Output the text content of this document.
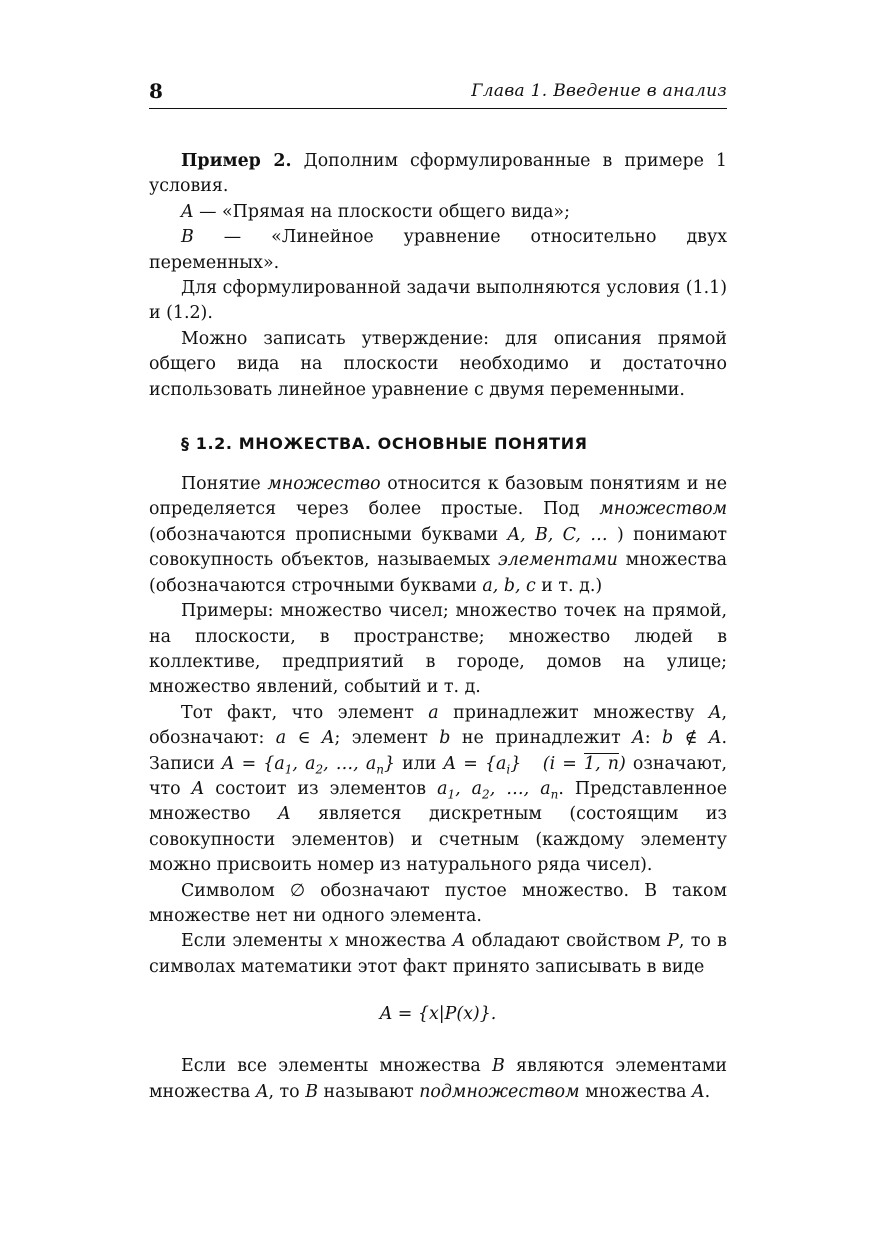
8	Глава 1. Введение в анализ

Пример 2. Дополним сформулированные в примере 1 условия.

A — «Прямая на плоскости общего вида»;

B — «Линейное уравнение относительно двух переменных».

Для сформулированной задачи выполняются условия (1.1) и (1.2).

Можно записать утверждение: для описания прямой общего вида на плоскости необходимо и достаточно использовать линейное уравнение с двумя переменными.

§ 1.2. МНОЖЕСТВА. ОСНОВНЫЕ ПОНЯТИЯ

Понятие множество относится к базовым понятиям и не определяется через более простые. Под множеством (обозначаются прописными буквами A, B, C, … ) понимают совокупность объектов, называемых элементами множества (обозначаются строчными буквами a, b, c и т. д.)

Примеры: множество чисел; множество точек на прямой, на плоскости, в пространстве; множество людей в коллективе, предприятий в городе, домов на улице; множество явлений, событий и т. д.

Тот факт, что элемент a принадлежит множеству A, обозначают: a ∈ A; элемент b не принадлежит A: b ∉ A. Записи $A = \{a_1$, $a_2$, …, $a_n$} или $A = \{a_i\} (i = 1$, n) означают, что A состоит из элементов $a_1$, $a_2$, …, $a_n$. Представленное множество A является дискретным (состоящим из совокупности элементов) и счетным (каждому элементу можно присвоить номер из натурального ряда чисел).

Символом ∅ обозначают пустое множество. В таком множестве нет ни одного элемента.

Если элементы x множества A обладают свойством P, то в символах математики этот факт принято записывать в виде

A = {x|P(x)}.

Если все элементы множества B являются элементами множества A, то B называют подмножеством множества A.
